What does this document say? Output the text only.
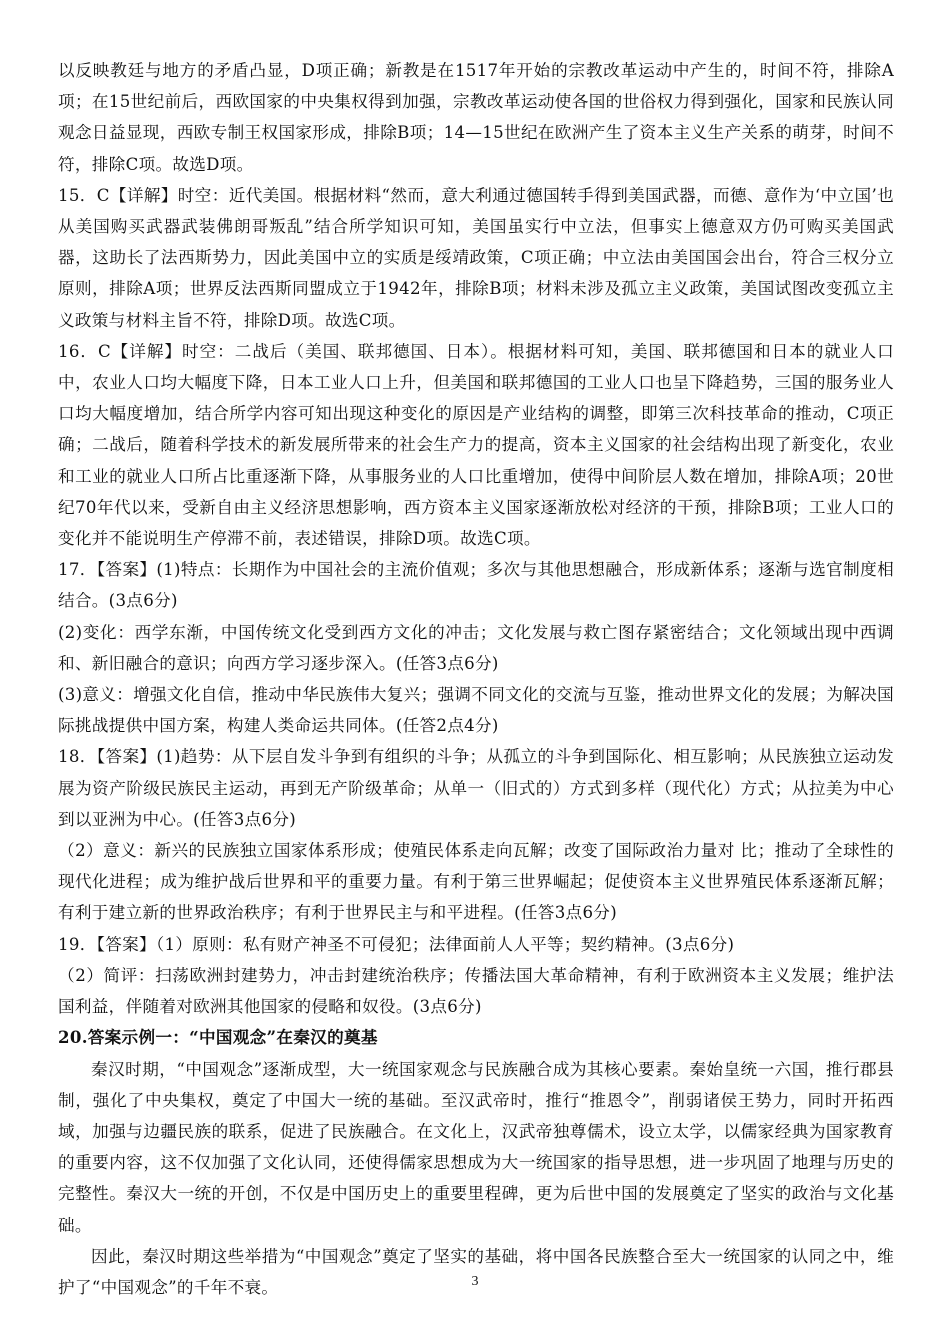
以反映教廷与地方的矛盾凸显，D项正确；新教是在1517年开始的宗教改革运动中产生的，时间不符，排除A项；在15世纪前后，西欧国家的中央集权得到加强，宗教改革运动使各国的世俗权力得到强化，国家和民族认同观念日益显现，西欧专制王权国家形成，排除B项；14—15世纪在欧洲产生了资本主义生产关系的萌芽，时间不符，排除C项。故选D项。

15．C【详解】时空：近代美国。根据材料“然而，意大利通过德国转手得到美国武器，而德、意作为‘中立国’也从美国购买武器武装佛朗哥叛乱”结合所学知识可知，美国虽实行中立法，但事实上德意双方仍可购买美国武器，这助长了法西斯势力，因此美国中立的实质是绥靖政策，C项正确；中立法由美国国会出台，符合三权分立原则，排除A项；世界反法西斯同盟成立于1942年，排除B项；材料未涉及孤立主义政策，美国试图改变孤立主义政策与材料主旨不符，排除D项。故选C项。

16．C【详解】时空：二战后（美国、联邦德国、日本）。根据材料可知，美国、联邦德国和日本的就业人口中，农业人口均大幅度下降，日本工业人口上升，但美国和联邦德国的工业人口也呈下降趋势，三国的服务业人口均大幅度增加，结合所学内容可知出现这种变化的原因是产业结构的调整，即第三次科技革命的推动，C项正确；二战后，随着科学技术的新发展所带来的社会生产力的提高，资本主义国家的社会结构出现了新变化，农业和工业的就业人口所占比重逐渐下降，从事服务业的人口比重增加，使得中间阶层人数在增加，排除A项；20世纪70年代以来，受新自由主义经济思想影响，西方资本主义国家逐渐放松对经济的干预，排除B项；工业人口的变化并不能说明生产停滞不前，表述错误，排除D项。故选C项。

17．【答案】(1)特点：长期作为中国社会的主流价值观；多次与其他思想融合，形成新体系；逐渐与选官制度相结合。(3点6分)

(2)变化：西学东渐，中国传统文化受到西方文化的冲击；文化发展与救亡图存紧密结合；文化领域出现中西调和、新旧融合的意识；向西方学习逐步深入。(任答3点6分)

(3)意义：增强文化自信，推动中华民族伟大复兴；强调不同文化的交流与互鉴，推动世界文化的发展；为解决国际挑战提供中国方案，构建人类命运共同体。(任答2点4分)

18．【答案】(1)趋势：从下层自发斗争到有组织的斗争；从孤立的斗争到国际化、相互影响；从民族独立运动发展为资产阶级民族民主运动，再到无产阶级革命；从单一（旧式的）方式到多样（现代化）方式；从拉美为中心到以亚洲为中心。(任答3点6分)

（2）意义：新兴的民族独立国家体系形成；使殖民体系走向瓦解；改变了国际政治力量对 比；推动了全球性的现代化进程；成为维护战后世界和平的重要力量。有利于第三世界崛起；促使资本主义世界殖民体系逐渐瓦解；有利于建立新的世界政治秩序；有利于世界民主与和平进程。(任答3点6分)

19．【答案】（1）原则：私有财产神圣不可侵犯；法律面前人人平等；契约精神。(3点6分)

（2）简评：扫荡欧洲封建势力，冲击封建统治秩序；传播法国大革命精神，有利于欧洲资本主义发展；维护法国利益，伴随着对欧洲其他国家的侵略和奴役。(3点6分)

20.答案示例一：“中国观念”在秦汉的奠基

秦汉时期，“中国观念”逐渐成型，大一统国家观念与民族融合成为其核心要素。秦始皇统一六国，推行郡县制，强化了中央集权，奠定了中国大一统的基础。至汉武帝时，推行“推恩令”，削弱诸侯王势力，同时开拓西域，加强与边疆民族的联系，促进了民族融合。在文化上，汉武帝独尊儒术，设立太学，以儒家经典为国家教育的重要内容，这不仅加强了文化认同，还使得儒家思想成为大一统国家的指导思想，进一步巩固了地理与历史的完整性。秦汉大一统的开创，不仅是中国历史上的重要里程碑，更为后世中国的发展奠定了坚实的政治与文化基础。

因此，秦汉时期这些举措为“中国观念”奠定了坚实的基础，将中国各民族整合至大一统国家的认同之中，维护了“中国观念”的千年不衰。	3
